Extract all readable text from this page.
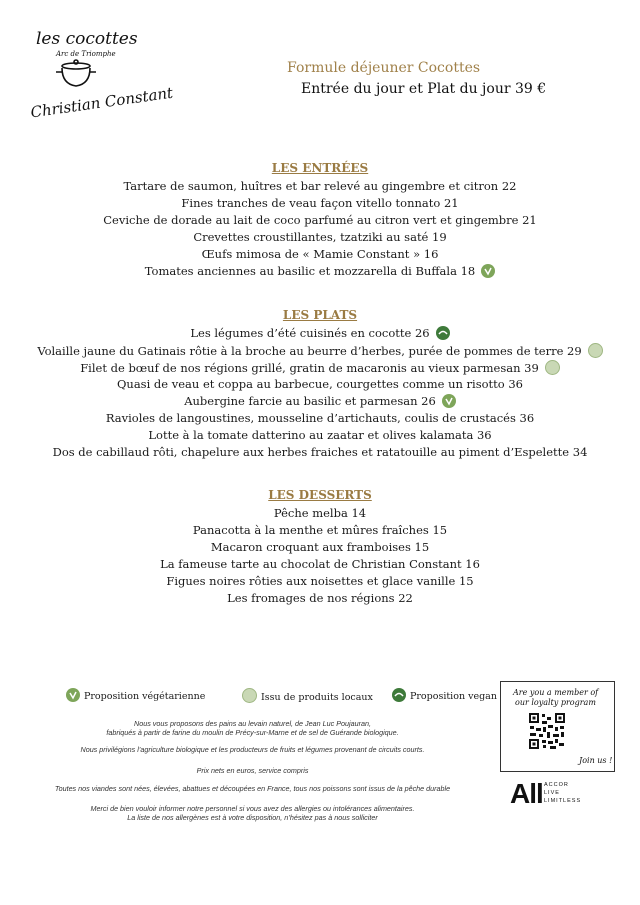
les cocottes
Arc de Triomphe
Christian Constant
Formule déjeuner Cocottes
Entrée du jour et Plat du jour 39 €
LES ENTRÉES
Tartare de saumon, huîtres et bar relevé au gingembre et citron 22
Fines tranches de veau façon vitello tonnato 21
Ceviche de dorade au lait de coco parfumé au citron vert et gingembre 21
Crevettes croustillantes, tzatziki au saté 19
Œufs mimosa de « Mamie Constant » 16
Tomates anciennes au basilic et mozzarella di Buffala 18
LES PLATS
Les légumes d’été cuisinés en cocotte 26
Volaille jaune du Gatinais rôtie à la broche au beurre d’herbes, purée de pommes de terre 29
Filet de bœuf de nos régions grillé, gratin de macaronis au vieux parmesan 39
Quasi de veau et coppa au barbecue, courgettes comme un risotto 36
Aubergine farcie au basilic et parmesan 26
Ravioles de langoustines, mousseline d’artichauts, coulis de crustacés 36
Lotte à la tomate datterino au zaatar et olives kalamata 36
Dos de cabillaud rôti, chapelure aux herbes fraiches et ratatouille au piment d’Espelette 34
LES DESSERTS
Pêche melba 14
Panacotta à la menthe et mûres fraîches 15
Macaron croquant aux framboises 15
La fameuse tarte au chocolat de Christian Constant 16
Figues noires rôties aux noisettes et glace vanille 15
Les fromages de nos régions 22
Proposition végétarienne	Issu de produits locaux	Proposition vegan
Nous vous proposons des pains au levain naturel, de Jean Luc Poujauran,
fabriqués à partir de farine du moulin de Précy-sur-Marne et de sel de Guérande biologique.
Nous privilégions l’agriculture biologique et les producteurs de fruits et légumes provenant de circuits courts.
Prix nets en euros, service compris
Toutes nos viandes sont nées, élevées, abattues et découpées en France, tous nos poissons sont issus de la pêche durable
Merci de bien vouloir informer notre personnel si vous avez des allergies ou intolérances alimentaires.
La liste de nos allergènes est à votre disposition, n’hésitez pas à nous solliciter
Are you a member of
our loyalty program
Join us !
All ACCOR
LIVE
LIMITLESS
